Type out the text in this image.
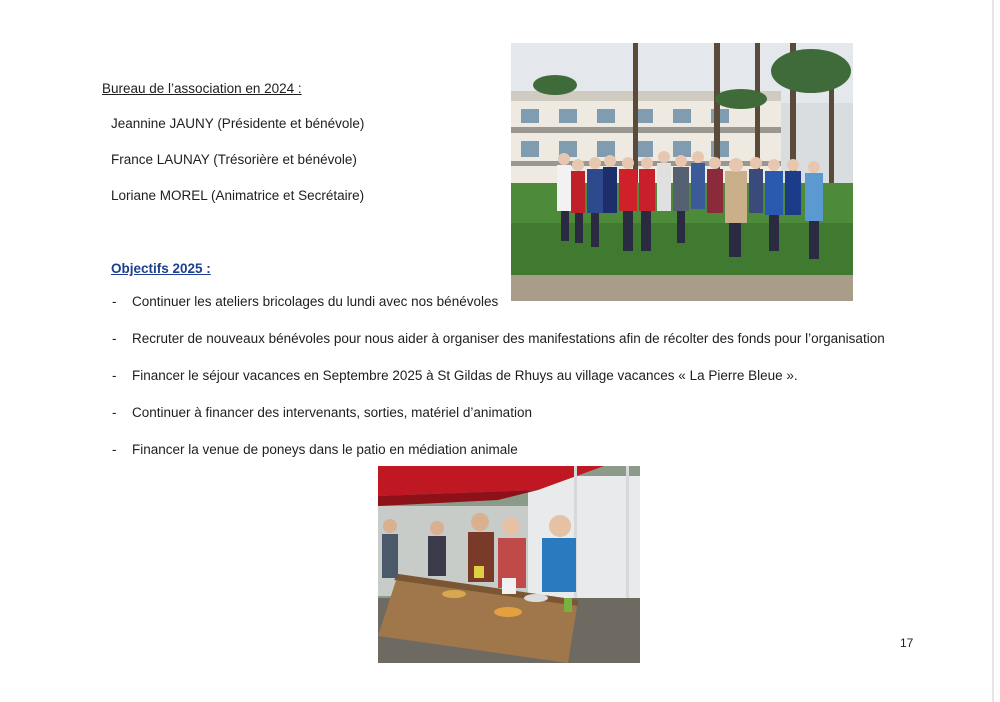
Bureau de l’association en 2024 :
Jeannine JAUNY (Présidente et bénévole)
France LAUNAY (Trésorière et bénévole)
Loriane MOREL (Animatrice et Secrétaire)
Objectifs 2025 :
- Continuer les ateliers bricolages du lundi avec nos bénévoles
- Recruter de nouveaux bénévoles pour nous aider à organiser des manifestations afin de récolter des fonds pour l’organisation
- Financer le séjour vacances en Septembre 2025 à St Gildas de Rhuys au village vacances « La Pierre Bleue ».
- Continuer à financer des intervenants, sorties, matériel d’animation
- Financer la venue de poneys dans le patio en médiation animale
17
